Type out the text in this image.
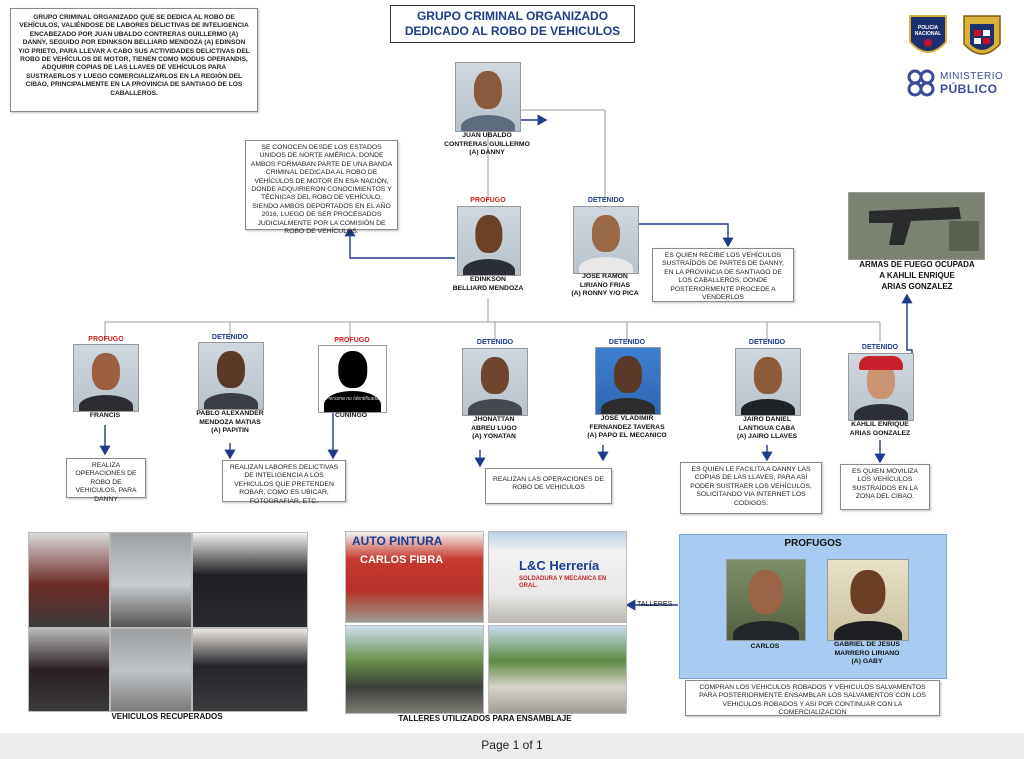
GRUPO CRIMINAL ORGANIZADO QUE SE DEDICA AL ROBO DE VEHÍCULOS, VALIÉNDOSE DE LABORES DELICTIVAS DE INTELIGENCIA ENCABEZADO POR JUAN UBALDO CONTRERAS GUILLERMO (A) DANNY, SEGUIDO POR EDINKSON BELLIARD MENDOZA (A) EDINSON Y/O PRIETO, PARA LLEVAR A CABO SUS ACTIVIDADES DELICTIVAS DEL ROBO DE VEHÍCULOS DE MOTOR, TIENEN COMO MODUS OPERANDIS, ADQUIRIR COPIAS DE LAS LLAVES DE VEHÍCULOS PARA SUSTRAERLOS Y LUEGO COMERCIALIZARLOS EN LA REGIÓN DEL CIBAO, PRINCIPALMENTE EN LA PROVINCIA DE SANTIAGO DE LOS CABALLEROS.
GRUPO CRIMINAL ORGANIZADO
DEDICADO AL ROBO DE VEHICULOS	POLICIA
NACIONAL
MINISTERIO
PÚBLICO
JUAN UBALDO
CONTRERAS GUILLERMO
(A) DANNY
SE CONOCEN DESDE LOS ESTADOS UNIDOS DE NORTE AMÉRICA, DONDE AMBOS FORMABAN PARTE DE UNA BANDA CRIMINAL DEDICADA AL ROBO DE VEHÍCULOS DE MOTOR EN ESA NACIÓN, DONDE ADQUIRIERON CONOCIMIENTOS Y TÉCNICAS DEL ROBO DE VEHÍCULO, SIENDO AMBOS DEPORTADOS EN EL AÑO 2016, LUEGO DE SER PROCESADOS JUDICIALMENTE POR LA COMISIÓN DE ROBO DE VEHÍCULOS.
PROFUGO
EDINKSON
BELLIARD MENDOZA
DETENIDO
JOSE RAMON
LIRIANO FRIAS
(A) RONNY Y/O PICA
ES QUIEN RECIBE LOS VEHÍCULOS SUSTRAÍDOS DE PARTES DE DANNY, EN LA PROVINCIA DE SANTIAGO DE LOS CABALLEROS, DONDE POSTERIORMENTE PROCEDE A VENDERLOS
ARMAS DE FUEGO OCUPADA
A KAHLIL ENRIQUE
ARIAS GONZALEZ
PROFUGO
FRANCIS
DETENIDO
PABLO ALEXANDER
MENDOZA MATIAS
(A) PAPITIN
PROFUGO
Persona no Identificada
CUÑINGO
DETENIDO
JHONATTAN
ABREU LUGO
(A) YONATAN
DETENIDO
JOSE VLADIMIR
FERNANDEZ TAVERAS
(A) PAPO EL MECANICO
DETENIDO
JAIRO DANIEL
LANTIGUA CABA
(A) JAIRO LLAVES
DETENIDO
KAHLIL ENRIQUE
ARIAS GONZALEZ
REALIZA OPERACIONES DE ROBO DE VEHICULOS, PARA DANNY
REALIZAN LABORES DELICTIVAS DE INTELIGENCIA A LOS VEHICULOS QUE PRETENDEN ROBAR, COMO ES UBICAR, FOTOGRAFIAR, ETC.
REALIZAN LAS OPERACIONES DE ROBO DE VEHICULOS
ES QUIEN LE FACILITA A DANNY LAS COPIAS DE LAS LLAVES, PARA ASÍ PODER SUSTRAER LOS VEHÍCULOS, SOLICITANDO VIA INTERNET LOS CODIGOS.
ES QUIEN MOVILIZA LOS VEHÍCULOS SUSTRAÍDOS EN LA ZONA DEL CIBAO.
VEHICULOS RECUPERADOS
AUTO PINTURA
CARLOS FIBRA	L&C Herrería
SOLDADURA Y MECANICA EN GRAL.
TALLERES UTILIZADOS PARA ENSAMBLAJE
TALLERES
PROFUGOS
CARLOS	GABRIEL DE JESUS
MARRERO LIRIANO
(A) GABY
COMPRAN LOS VEHICULOS ROBADOS Y VEHICULOS SALVAMENTOS PARA POSTERIORMENTE ENSAMBLAR LOS SALVAMENTOS CON LOS VEHICULOS ROBADOS Y ASI POR CONTINUAR CON LA COMERCIALIZACION
Page 1 of 1
